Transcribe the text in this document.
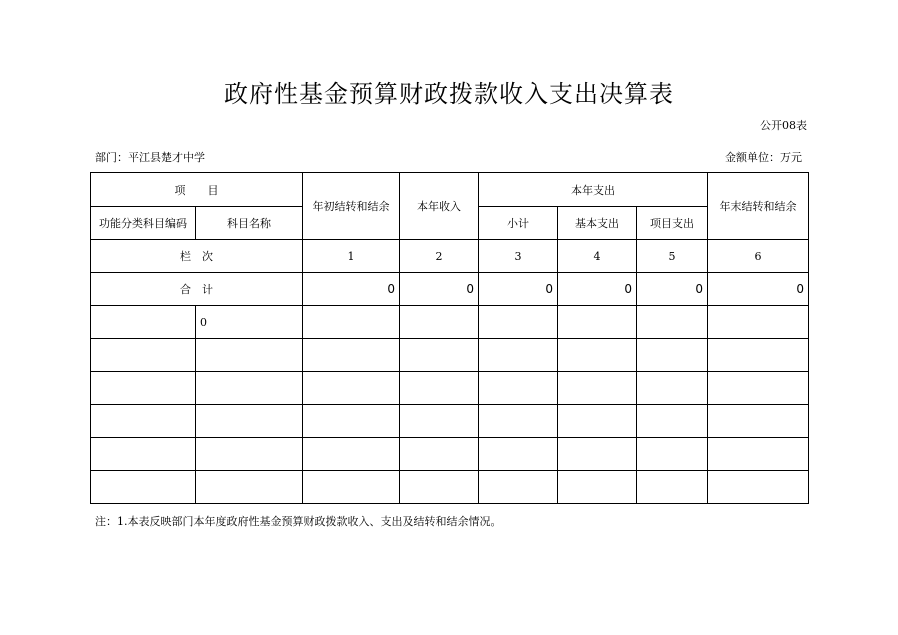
政府性基金预算财政拨款收入支出决算表
公开08表
部门：平江县楚才中学	金额单位：万元
项　　目		年初结转和结余	本年收入	本年支出			年末结转和结余
功能分类科目编码	科目名称			小计	基本支出	项目支出	
栏　次		1	2	3	4	5	6
合　计		0	0	0	0	0	0
	0						

注：1.本表反映部门本年度政府性基金预算财政拨款收入、支出及结转和结余情况。
